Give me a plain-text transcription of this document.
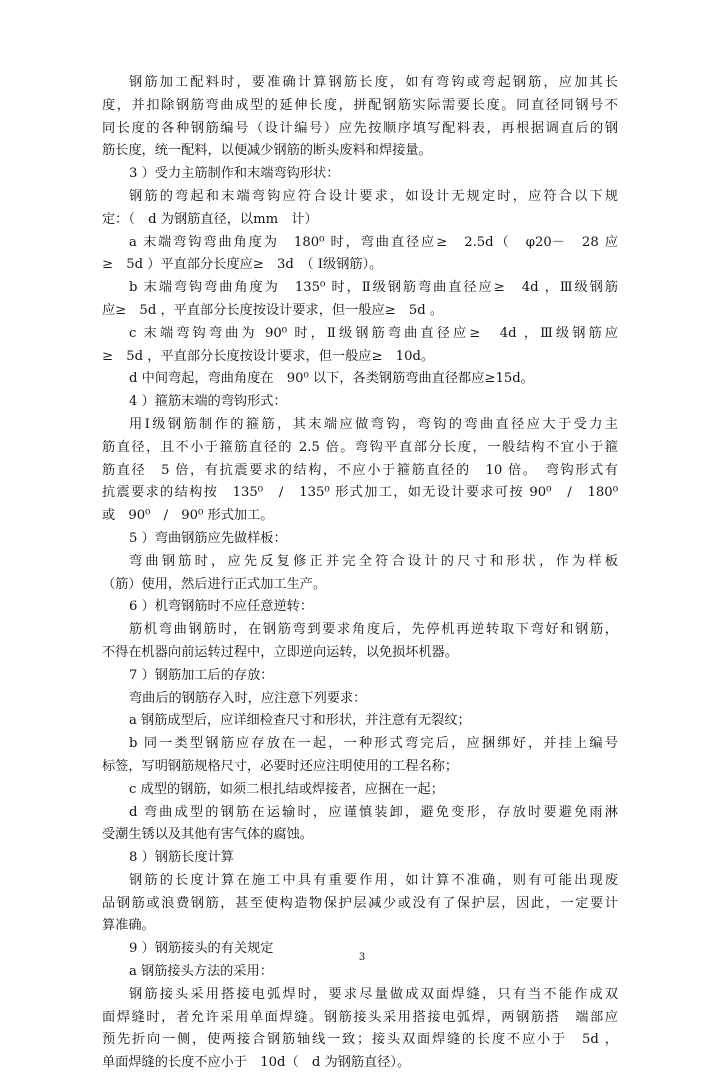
钢筋加工配料时，要准确计算钢筋长度，如有弯钩或弯起钢筋，应加其长
度，并扣除钢筋弯曲成型的延伸长度，拼配钢筋实际需要长度。同直径同钢号不
同长度的各种钢筋编号（设计编号）应先按顺序填写配料表，再根据调直后的钢
筋长度，统一配料，以便减少钢筋的断头废料和焊接量。
3 ）受力主筋制作和末端弯钩形状：
钢筋的弯起和末端弯钩应符合设计要求，如设计无规定时，应符合以下规
定：（　d 为钢筋直径，以mm　计）
a 末端弯钩弯曲角度为　180⁰ 时，弯曲直径应≥　2.5d（　φ20－　28 应
≥　5d ）平直部分长度应≥　3d　（ Ⅰ级钢筋）。
b 末端弯钩弯曲角度为　135⁰ 时，Ⅱ级钢筋弯曲直径应≥　4d ，Ⅲ级钢筋
应≥　5d ，平直部分长度按设计要求，但一般应≥　5d 。
c 末端弯钩弯曲为 90⁰ 时，Ⅱ级钢筋弯曲直径应≥　4d ，Ⅲ级钢筋应
≥　5d ，平直部分长度按设计要求，但一般应≥　10d。
d 中间弯起，弯曲角度在　90⁰ 以下，各类钢筋弯曲直径都应≥15d。
4 ）箍筋末端的弯钩形式：
用Ⅰ级钢筋制作的箍筋，其末端应做弯钩，弯钩的弯曲直径应大于受力主
筋直径，且不小于箍筋直径的 2.5 倍。弯钩平直部分长度，一般结构不宜小于箍
筋直径　5 倍，有抗震要求的结构，不应小于箍筋直径的　10 倍。　弯钩形式有
抗震要求的结构按　135⁰　/　135⁰ 形式加工，如无设计要求可按 90⁰　/　180⁰
或　90⁰　/　90⁰ 形式加工。
5 ）弯曲钢筋应先做样板：
弯曲钢筋时，应先反复修正并完全符合设计的尺寸和形状，作为样板
（筋）使用，然后进行正式加工生产。
6 ）机弯钢筋时不应任意逆转：
筋机弯曲钢筋时，在钢筋弯到要求角度后，先停机再逆转取下弯好和钢筋，
不得在机器向前运转过程中，立即逆向运转，以免损坏机器。
7 ）钢筋加工后的存放：
弯曲后的钢筋存入时，应注意下列要求：
a 钢筋成型后，应详细检查尺寸和形状，并注意有无裂纹；
b 同一类型钢筋应存放在一起，一种形式弯完后，应捆绑好，并挂上编号
标签，写明钢筋规格尺寸，必要时还应注明使用的工程名称；
c 成型的钢筋，如须二根扎结或焊接者，应捆在一起；
d 弯曲成型的钢筋在运输时，应谨慎装卸，避免变形，存放时要避免雨淋
受潮生锈以及其他有害气体的腐蚀。
8 ）钢筋长度计算
钢筋的长度计算在施工中具有重要作用，如计算不准确，则有可能出现废
品钢筋或浪费钢筋，甚至使构造物保护层减少或没有了保护层，因此，一定要计
算准确。
9 ）钢筋接头的有关规定
a 钢筋接头方法的采用：
钢筋接头采用搭接电弧焊时，要求尽量做成双面焊缝，只有当不能作成双
面焊缝时，者允许采用单面焊缝。钢筋接头采用搭接电弧焊，两钢筋搭　端部应
预先折向一侧，使两接合钢筋轴线一致；接头双面焊缝的长度不应小于　5d ，
单面焊缝的长度不应小于　10d（　d 为钢筋直径）。
3
